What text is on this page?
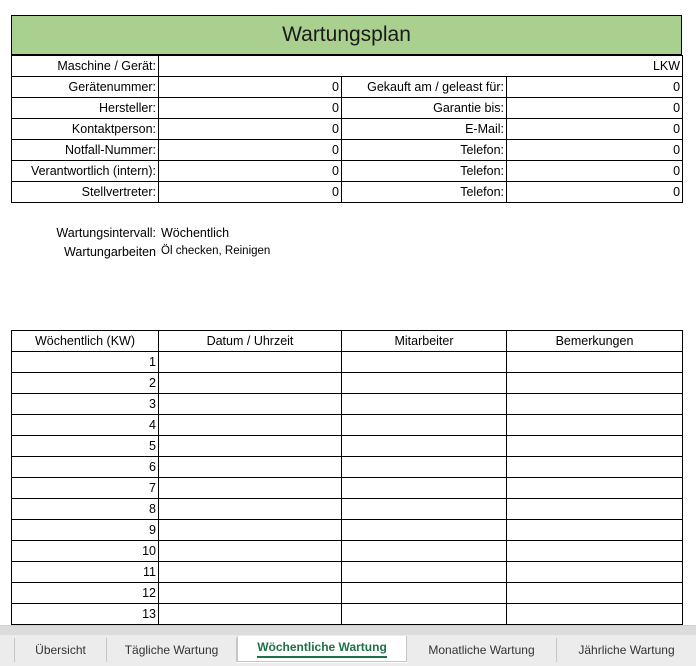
Wartungsplan
Maschine / Gerät:	LKW		
Gerätenummer:	0	Gekauft am / geleast für:	0
Hersteller:	0	Garantie bis:	0
Kontaktperson:	0	E-Mail:	0
Notfall-Nummer:	0	Telefon:	0
Verantwortlich (intern):	0	Telefon:	0
Stellvertreter:	0	Telefon:	0
Wartungsintervall: Wöchentlich
Wartungarbeiten Öl checken, Reinigen
Wöchentlich (KW)	Datum / Uhrzeit	Mitarbeiter	Bemerkungen
1			
2			
3			
4			
5			
6			
7			
8			
9			
10			
11			
12			
13			
Übersicht	Tägliche Wartung	Wöchentliche Wartung	Monatliche Wartung	Jährliche Wartung
